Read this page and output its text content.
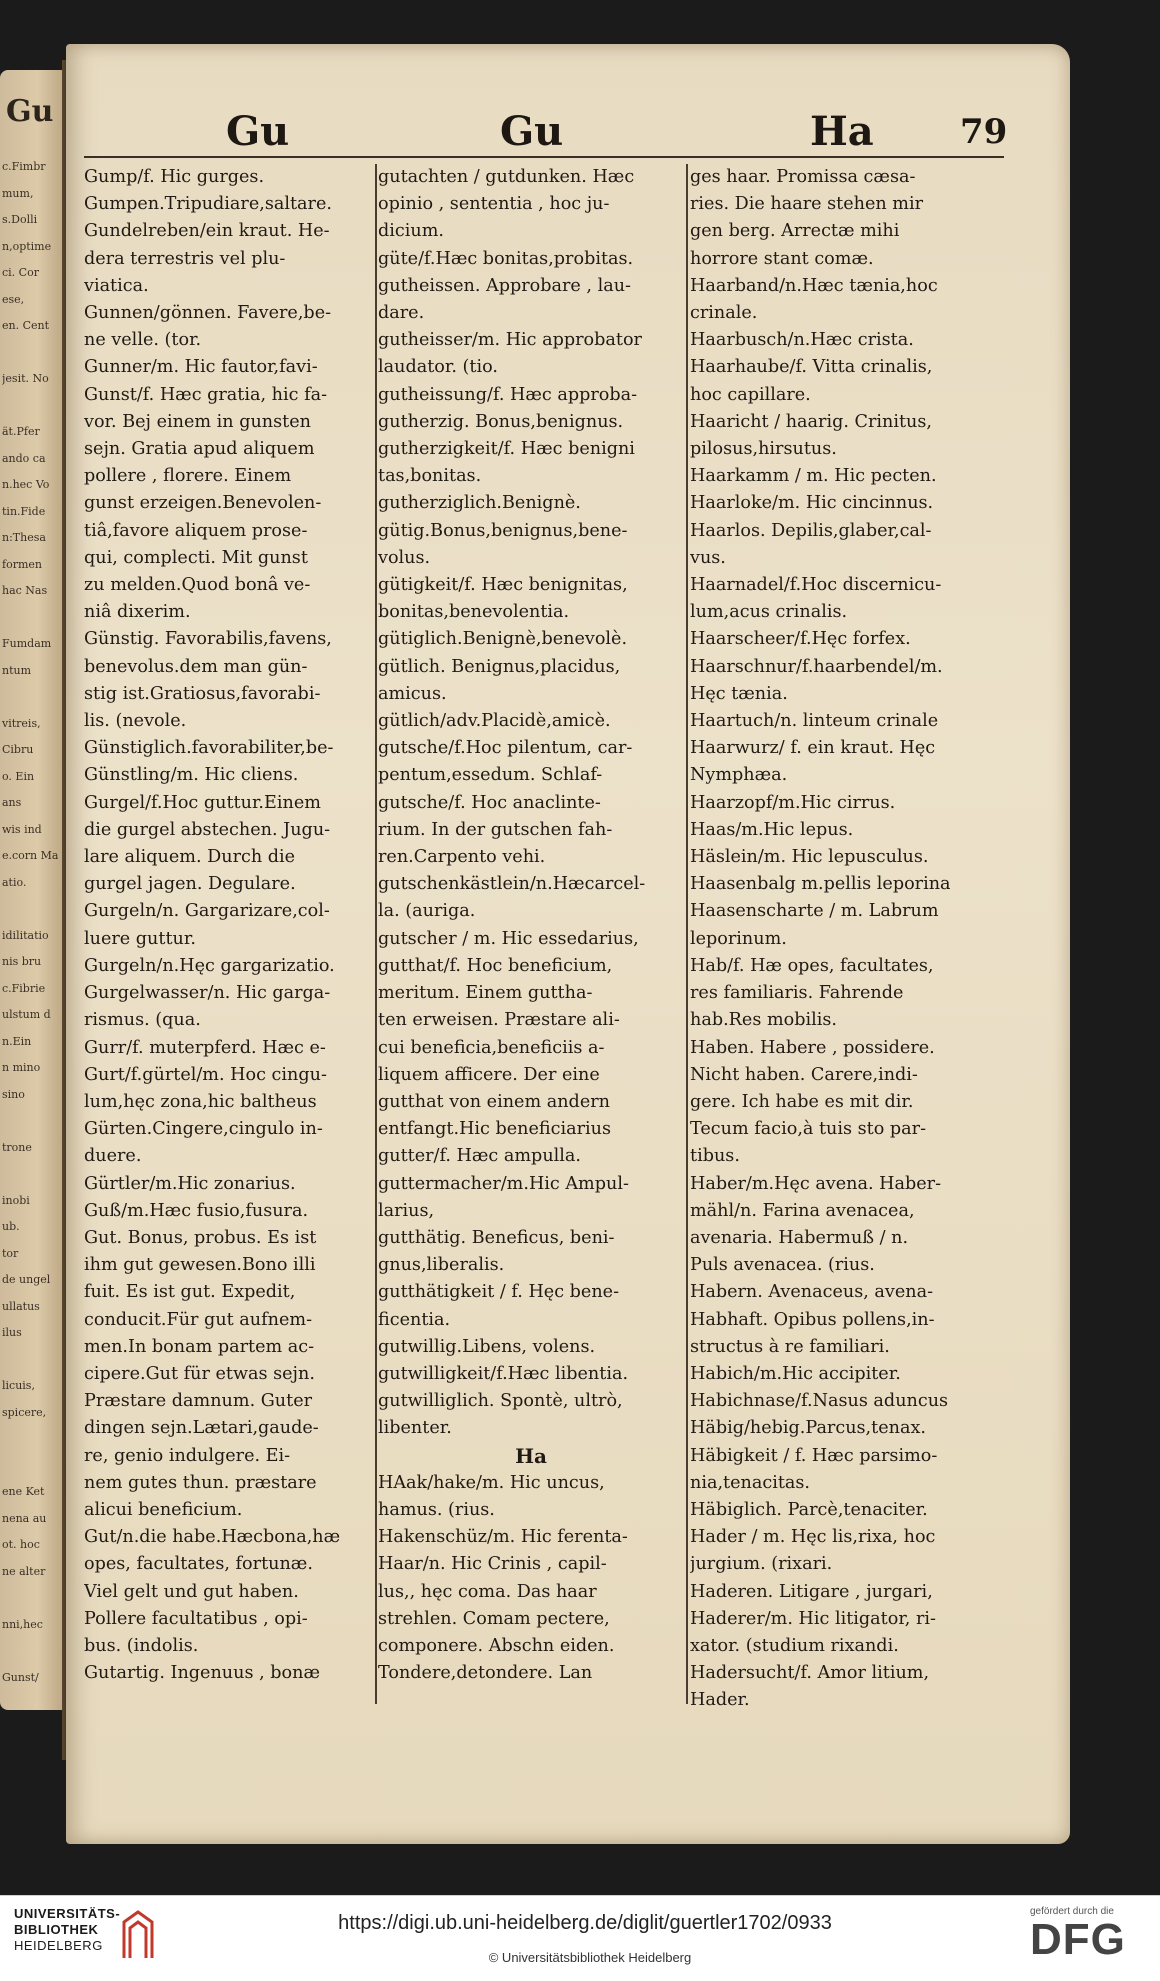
Gu
c.Fimbr
mum,
s.Dolli
n,optime
ci. Cor
ese,
en. Cent
jesit. No
ät.Pfer
ando ca
n.hec Vo
tin.Fide
n:Thesa
formen
hac Nas
Fumdam
ntum
vitreis,
Cibru
o. Ein
ans
wis ind
e.corn Ma
atio.
idilitatio
nis bru
c.Fibrie
ulstum d
n.Ein
n mino
sino
trone
inobi
ub.
tor
de ungel
ullatus
ilus
licuis,
spicere,
ene Ket
nena au
ot. hoc
ne alter
nni,hec
Gunst/
Gu	Gu	Ha	79
Gump/f. Hic gurges.
Gumpen.Tripudiare,saltare.
Gundelreben/ein kraut. He-
dera terrestris vel plu-
viatica.
Gunnen/gönnen. Favere,be-
ne velle. (tor.
Gunner/m. Hic fautor,favi-
Gunst/f. Hæc gratia, hic fa-
vor. Bej einem in gunsten
sejn. Gratia apud aliquem
pollere , florere. Einem
gunst erzeigen.Benevolen-
tiâ,favore aliquem prose-
qui, complecti. Mit gunst
zu melden.Quod bonâ ve-
niâ dixerim.
Günstig. Favorabilis,favens,
benevolus.dem man gün-
stig ist.Gratiosus,favorabi-
lis. (nevole.
Günstiglich.favorabiliter,be-
Günstling/m. Hic cliens.
Gurgel/f.Hoc guttur.Einem
die gurgel abstechen. Jugu-
lare aliquem. Durch die
gurgel jagen. Degulare.
Gurgeln/n. Gargarizare,col-
luere guttur.
Gurgeln/n.Hęc gargarizatio.
Gurgelwasser/n. Hic garga-
rismus. (qua.
Gurr/f. muterpferd. Hæc e-
Gurt/f.gürtel/m. Hoc cingu-
lum,hęc zona,hic baltheus
Gürten.Cingere,cingulo in-
duere.
Gürtler/m.Hic zonarius.
Guß/m.Hæc fusio,fusura.
Gut. Bonus, probus. Es ist
ihm gut gewesen.Bono illi
fuit. Es ist gut. Expedit,
conducit.Für gut aufnem-
men.In bonam partem ac-
cipere.Gut für etwas sejn.
Præstare damnum. Guter
dingen sejn.Lætari,gaude-
re, genio indulgere. Ei-
nem gutes thun. præstare
alicui beneficium.
Gut/n.die habe.Hæcbona,hæ
opes, facultates, fortunæ.
Viel gelt und gut haben.
Pollere facultatibus , opi-
bus. (indolis.
Gutartig. Ingenuus , bonæ
gutachten / gutdunken. Hæc
opinio , sententia , hoc ju-
dicium.
güte/f.Hæc bonitas,probitas.
gutheissen. Approbare , lau-
dare.
gutheisser/m. Hic approbator
laudator. (tio.
gutheissung/f. Hæc approba-
gutherzig. Bonus,benignus.
gutherzigkeit/f. Hæc benigni
tas,bonitas.
gutherziglich.Benignè.
gütig.Bonus,benignus,bene-
volus.
gütigkeit/f. Hæc benignitas,
bonitas,benevolentia.
gütiglich.Benignè,benevolè.
gütlich. Benignus,placidus,
amicus.
gütlich/adv.Placidè,amicè.
gutsche/f.Hoc pilentum, car-
pentum,essedum. Schlaf-
gutsche/f. Hoc anaclinte-
rium. In der gutschen fah-
ren.Carpento vehi.
gutschenkästlein/n.Hæcarcel-
la. (auriga.
gutscher / m. Hic essedarius,
gutthat/f. Hoc beneficium,
meritum. Einem guttha-
ten erweisen. Præstare ali-
cui beneficia,beneficiis a-
liquem afficere. Der eine
gutthat von einem andern
entfangt.Hic beneficiarius
gutter/f. Hæc ampulla.
guttermacher/m.Hic Ampul-
larius,
gutthätig. Beneficus, beni-
gnus,liberalis.
gutthätigkeit / f. Hęc bene-
ficentia.
gutwillig.Libens, volens.
gutwilligkeit/f.Hæc libentia.
gutwilliglich. Spontè, ultrò,
libenter.
Ha
HAak/hake/m. Hic uncus,
hamus. (rius.
Hakenschüz/m. Hic ferenta-
Haar/n. Hic Crinis , capil-
lus,, hęc coma. Das haar
strehlen. Comam pectere,
componere. Abschn eiden.
Tondere,detondere. Lan
ges haar. Promissa cæsa-
ries. Die haare stehen mir
gen berg. Arrectæ mihi
horrore stant comæ.
Haarband/n.Hæc tænia,hoc
crinale.
Haarbusch/n.Hæc crista.
Haarhaube/f. Vitta crinalis,
hoc capillare.
Haaricht / haarig. Crinitus,
pilosus,hirsutus.
Haarkamm / m. Hic pecten.
Haarloke/m. Hic cincinnus.
Haarlos. Depilis,glaber,cal-
vus.
Haarnadel/f.Hoc discernicu-
lum,acus crinalis.
Haarscheer/f.Hęc forfex.
Haarschnur/f.haarbendel/m.
Hęc tænia.
Haartuch/n. linteum crinale
Haarwurz/ f. ein kraut. Hęc
Nymphæa.
Haarzopf/m.Hic cirrus.
Haas/m.Hic lepus.
Häslein/m. Hic lepusculus.
Haasenbalg m.pellis leporina
Haasenscharte / m. Labrum
leporinum.
Hab/f. Hæ opes, facultates,
res familiaris. Fahrende
hab.Res mobilis.
Haben. Habere , possidere.
Nicht haben. Carere,indi-
gere. Ich habe es mit dir.
Tecum facio,à tuis sto par-
tibus.
Haber/m.Hęc avena. Haber-
mähl/n. Farina avenacea,
avenaria. Habermuß / n.
Puls avenacea. (rius.
Habern. Avenaceus, avena-
Habhaft. Opibus pollens,in-
structus à re familiari.
Habich/m.Hic accipiter.
Habichnase/f.Nasus aduncus
Häbig/hebig.Parcus,tenax.
Häbigkeit / f. Hæc parsimo-
nia,tenacitas.
Häbiglich. Parcè,tenaciter.
Hader / m. Hęc lis,rixa, hoc
jurgium. (rixari.
Haderen. Litigare , jurgari,
Haderer/m. Hic litigator, ri-
xator. (studium rixandi.
Hadersucht/f. Amor litium,
Hader.
UNIVERSITÄTS-
BIBLIOTHEK
HEIDELBERG
https://digi.ub.uni-heidelberg.de/diglit/guertler1702/0933
© Universitätsbibliothek Heidelberg
gefördert durch die
DFG
